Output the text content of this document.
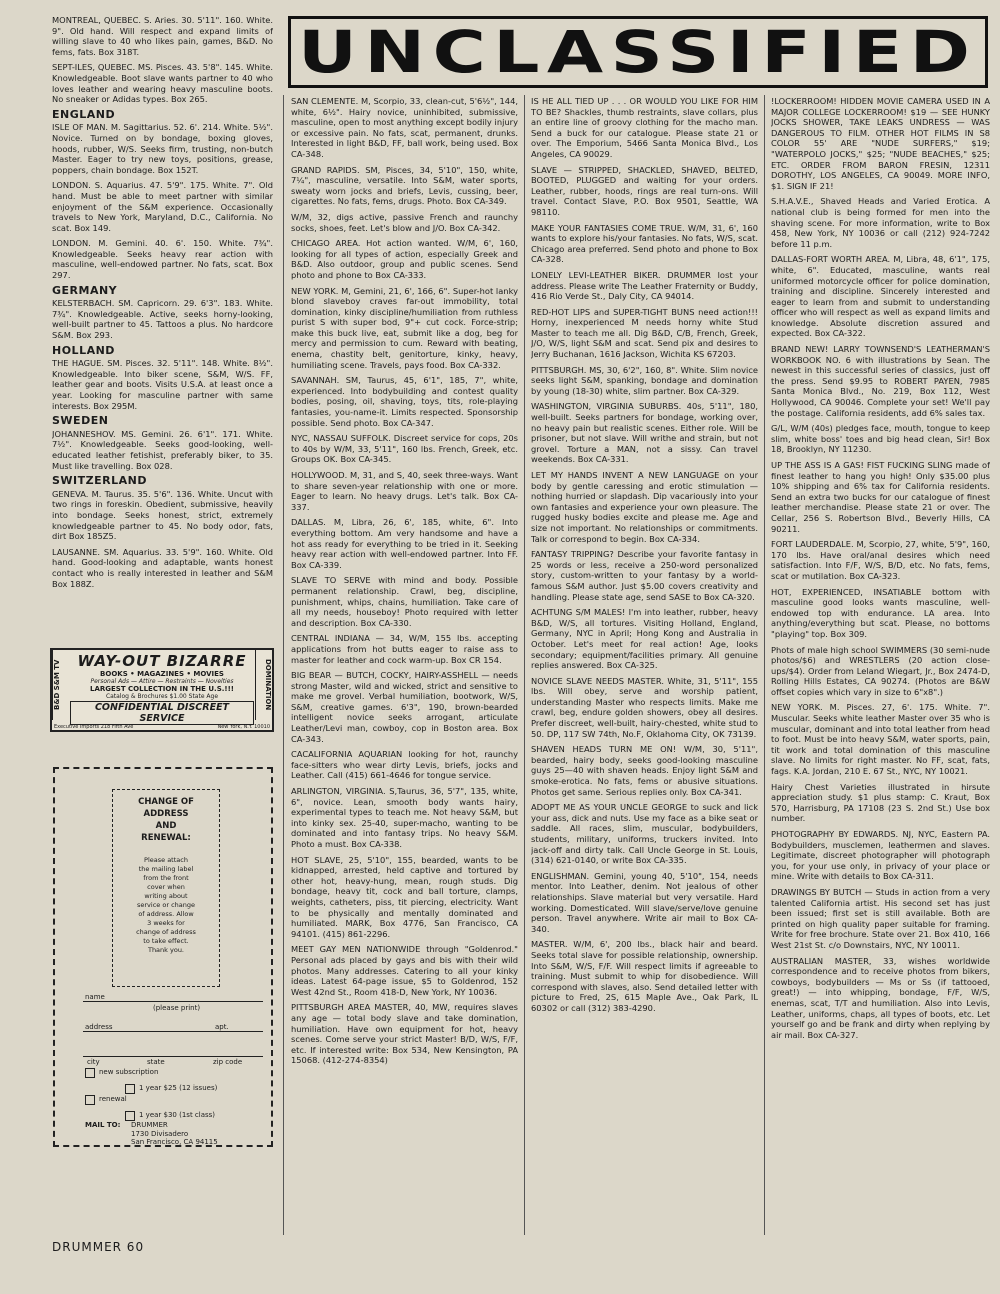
MONTREAL, QUEBEC. S. Aries. 30. 5'11". 160. White. 9". Old hand. Will respect and expand limits of willing slave to 40 who likes pain, games, B&D. No fems, fats. Box 318T.

SEPT-ILES, QUEBEC. MS. Pisces. 43. 5'8". 145. White. Knowledgeable. Boot slave wants partner to 40 who loves leather and wearing heavy masculine boots. No sneaker or Adidas types. Box 265.

ENGLAND

ISLE OF MAN. M. Sagittarius. 52. 6'. 214. White. 5½". Novice. Turned on by bondage, boxing gloves, hoods, rubber, W/S. Seeks firm, trusting, non-butch Master. Eager to try new toys, positions, grease, poppers, chain bondage. Box 152T.

LONDON. S. Aquarius. 47. 5'9". 175. White. 7". Old hand. Must be able to meet partner with similar enjoyment of the S&M experience. Occasionally travels to New York, Maryland, D.C., California. No scat. Box 149.

LONDON. M. Gemini. 40. 6'. 150. White. 7¾". Knowledgeable. Seeks heavy rear action with masculine, well-endowed partner. No fats, scat. Box 297.

GERMANY

KELSTERBACH. SM. Capricorn. 29. 6'3". 183. White. 7¾". Knowledgeable. Active, seeks horny-looking, well-built partner to 45. Tattoos a plus. No hardcore S&M. Box 293.

HOLLAND

THE HAGUE. SM. Pisces. 32. 5'11". 148. White. 8½". Knowledgeable. Into biker scene, S&M, W/S. FF, leather gear and boots. Visits U.S.A. at least once a year. Looking for masculine partner with same interests. Box 295M.

SWEDEN

JOHANNESHOV. MS. Gemini. 26. 6'1". 171. White. 7½". Knowledgeable. Seeks good-looking, well-educated leather fetishist, preferably biker, to 35. Must like travelling. Box 028.

SWITZERLAND

GENEVA. M. Taurus. 35. 5'6". 136. White. Uncut with two rings in foreskin. Obedient, submissive, heavily into bondage. Seeks honest, strict, extremely knowledgeable partner to 45. No body odor, fats, dirt Box 185Z5.

LAUSANNE. SM. Aquarius. 33. 5'9". 160. White. Old hand. Good-looking and adaptable, wants honest contact who is really interested in leather and S&M Box 188Z.

B&D S&M TV	DOMINATION
WAY-OUT BIZARRE
BOOKS • MAGAZINES • MOVIES
Personal Ads — Attire — Restraints — Novelties
LARGEST COLLECTION IN THE U.S.!!!
Catalog & Brochures $1.00 State Age
CONFIDENTIAL DISCREET SERVICE
Executive Imports 218 Fifth Ave	New York, N.Y. 10010
CHANGE OF
ADDRESS
AND
RENEWAL:
Please attach
the mailing label
from the front
cover when
writing about
service or change
of address. Allow
3 weeks for
change of address
to take effect.
Thank you.
name
(please print)
address	apt.
city	state	zip code
new subscription
1 year $25 (12 issues)
renewal
1 year $30 (1st class)
MAIL TO: DRUMMER
1730 Divisadero
San Francisco, CA 94115
UNCLASSIFIED

SAN CLEMENTE. M, Scorpio, 33, clean-cut, 5'6½", 144, white, 6½". Hairy novice, uninhibited, submissive, masculine, open to most anything except bodily injury or excessive pain. No fats, scat, permanent, drunks. Interested in light B&D, FF, ball work, being used. Box CA-348.

GRAND RAPIDS. SM, Pisces, 34, 5'10", 150, white, 7¼", masculine, versatile. Into S&M, water sports, sweaty worn jocks and briefs, Levis, cussing, beer, cigarettes. No fats, fems, drugs. Photo. Box CA-349.

W/M, 32, digs active, passive French and raunchy socks, shoes, feet. Let's blow and J/O. Box CA-342.

CHICAGO AREA. Hot action wanted. W/M, 6', 160, looking for all types of action, especially Greek and B&D. Also outdoor, group and public scenes. Send photo and phone to Box CA-333.

NEW YORK. M, Gemini, 21, 6', 166, 6". Super-hot lanky blond slaveboy craves far-out immobility, total domination, kinky discipline/humiliation from ruthless purist S with super bod, 9"+ cut cock. Force-strip; make this buck live, eat, submit like a dog, beg for mercy and permission to cum. Reward with beating, enema, chastity belt, genitorture, kinky, heavy, humiliating scene. Travels, pays food. Box CA-332.

SAVANNAH. SM, Taurus, 45, 6'1", 185, 7", white, experienced. Into bodybuilding and contest quality bodies, posing, oil, shaving, toys, tits, role-playing fantasies, you-name-it. Limits respected. Sponsorship possible. Send photo. Box CA-347.

NYC, NASSAU SUFFOLK. Discreet service for cops, 20s to 40s by W/M, 33, 5'11", 160 lbs. French, Greek, etc. Groups OK. Box CA-345.

HOLLYWOOD. M, 31, and S, 40, seek three-ways. Want to share seven-year relationship with one or more. Eager to learn. No heavy drugs. Let's talk. Box CA-337.

DALLAS. M, Libra, 26, 6', 185, white, 6". Into everything bottom. Am very handsome and have a hot ass ready for everything to be tried in it. Seeking heavy rear action with well-endowed partner. Into FF. Box CA-339.

SLAVE TO SERVE with mind and body. Possible permanent relationship. Crawl, beg, discipline, punishment, whips, chains, humiliation. Take care of all my needs, houseboy! Photo required with letter and description. Box CA-330.

CENTRAL INDIANA — 34, W/M, 155 lbs. accepting applications from hot butts eager to raise ass to master for leather and cock warm-up. Box CR 154.

BIG BEAR — BUTCH, COCKY, HAIRY-ASSHELL — needs strong Master, wild and wicked, strict and sensitive to make me grovel. Verbal humiliation, bootwork, W/S, S&M, creative games. 6'3", 190, brown-bearded intelligent novice seeks arrogant, articulate Leather/Levi man, cowboy, cop in Boston area. Box CA-343.

CACALIFORNIA AQUARIAN looking for hot, raunchy face-sitters who wear dirty Levis, briefs, jocks and Leather. Call (415) 661-4646 for tongue service.

ARLINGTON, VIRGINIA. S,Taurus, 36, 5'7", 135, white, 6", novice. Lean, smooth body wants hairy, experimental types to teach me. Not heavy S&M, but into kinky sex. 25-40, super-macho, wanting to be dominated and into fantasy trips. No heavy S&M. Photo a must. Box CA-338.

HOT SLAVE, 25, 5'10", 155, bearded, wants to be kidnapped, arrested, held captive and tortured by other hot, heavy-hung, mean, rough studs. Dig bondage, heavy tit, cock and ball torture, clamps, weights, catheters, piss, tit piercing, electricity. Want to be physically and mentally dominated and humiliated. MARK, Box 4776, San Francisco, CA 94101. (415) 861-2296.

MEET GAY MEN NATIONWIDE through "Goldenrod." Personal ads placed by gays and bis with their wild photos. Many addresses. Catering to all your kinky ideas. Latest 64-page issue, $5 to Goldenrod, 152 West 42nd St., Room 418-D, New York, NY 10036.

PITTSBURGH AREA MASTER, 40, MW, requires slaves any age — total body slave and take domination, humiliation. Have own equipment for hot, heavy scenes. Come serve your strict Master! B/D, W/S, F/F, etc. If interested write: Box 534, New Kensington, PA 15068. (412-274-8354)

IS HE ALL TIED UP . . . OR WOULD YOU LIKE FOR HIM TO BE? Shackles, thumb restraints, slave collars, plus an entire line of groovy clothing for the macho man. Send a buck for our catalogue. Please state 21 or over. The Emporium, 5466 Santa Monica Blvd., Los Angeles, CA 90029.

SLAVE — STRIPPED, SHACKLED, SHAVED, BELTED, BOOTED, PLUGGED and waiting for your orders. Leather, rubber, hoods, rings are real turn-ons. Will travel. Contact Slave, P.O. Box 9501, Seattle, WA 98110.

MAKE YOUR FANTASIES COME TRUE. W/M, 31, 6', 160 wants to explore his/your fantasies. No fats, W/S, scat. Chicago area preferred. Send photo and phone to Box CA-328.

LONELY LEVI-LEATHER BIKER. DRUMMER lost your address. Please write The Leather Fraternity or Buddy, 416 Rio Verde St., Daly City, CA 94014.

RED-HOT LIPS and SUPER-TIGHT BUNS need action!!! Horny, inexperienced M needs horny white Stud Master to teach me all. Dig B&D, C/B, French, Greek, J/O, W/S, light S&M and scat. Send pix and desires to Jerry Buchanan, 1616 Jackson, Wichita KS 67203.

PITTSBURGH. MS, 30, 6'2", 160, 8". White. Slim novice seeks light S&M, spanking, bondage and domination by young (18-30) white, slim partner. Box CA-329.

WASHINGTON, VIRGINIA SUBURBS. 40s, 5'11", 180, well-built. Seeks partners for bondage, working over, no heavy pain but realistic scenes. Either role. Will be prisoner, but not slave. Will writhe and strain, but not grovel. Torture a MAN, not a sissy. Can travel weekends. Box CA-331.

LET MY HANDS INVENT A NEW LANGUAGE on your body by gentle caressing and erotic stimulation — nothing hurried or slapdash. Dip vacariously into your own fantasies and experience your own pleasure. The rugged husky bodies excite and please me. Age and size not important. No relationships or commitments. Talk or correspond to begin. Box CA-334.

FANTASY TRIPPING? Describe your favorite fantasy in 25 words or less, receive a 250-word personalized story, custom-written to your fantasy by a world-famous S&M author. Just $5.00 covers creativity and handling. Please state age, send SASE to Box CA-320.

ACHTUNG S/M MALES! I'm into leather, rubber, heavy B&D, W/S, all tortures. Visiting Holland, England, Germany, NYC in April; Hong Kong and Australia in October. Let's meet for real action! Age, looks secondary; equipment/facilities primary. All genuine replies answered. Box CA-325.

NOVICE SLAVE NEEDS MASTER. White, 31, 5'11", 155 lbs. Will obey, serve and worship patient, understanding Master who respects limits. Make me crawl, beg, endure golden showers, obey all desires. Prefer discreet, well-built, hairy-chested, white stud to 50. DP, 117 SW 74th, No.F, Oklahoma City, OK 73139.

SHAVEN HEADS TURN ME ON! W/M, 30, 5'11", bearded, hairy body, seeks good-looking masculine guys 25—40 with shaven heads. Enjoy light S&M and smoke-erotica. No fats, fems or abusive situations. Photos get same. Serious replies only. Box CA-341.

ADOPT ME AS YOUR UNCLE GEORGE to suck and lick your ass, dick and nuts. Use my face as a bike seat or saddle. All races, slim, muscular, bodybuilders, students, military, uniforms, truckers invited. Into jack-off and dirty talk. Call Uncle George in St. Louis, (314) 621-0140, or write Box CA-335.

ENGLISHMAN. Gemini, young 40, 5'10", 154, needs mentor. Into Leather, denim. Not jealous of other relationships. Slave material but very versatile. Hard working. Domesticated. Will slave/serve/love genuine person. Travel anywhere. Write air mail to Box CA-340.

MASTER. W/M, 6', 200 lbs., black hair and beard. Seeks total slave for possible relationship, ownership. Into S&M, W/S, F/F. Will respect limits if agreeable to training. Must submit to whip for disobedience. Will correspond with slaves, also. Send detailed letter with picture to Fred, 2S, 615 Maple Ave., Oak Park, IL 60302 or call (312) 383-4290.

!LOCKERROOM! HIDDEN MOVIE CAMERA USED IN A MAJOR COLLEGE LOCKERROOM! $19 — SEE HUNKY JOCKS SHOWER, TAKE LEAKS UNDRESS — WAS DANGEROUS TO FILM. OTHER HOT FILMS IN S8 COLOR 55' ARE "NUDE SURFERS," $19; "WATERPOLO JOCKS," $25; "NUDE BEACHES," $25; ETC. ORDER FROM BARON FRESIN, 12311 DOROTHY, LOS ANGELES, CA 90049. MORE INFO, $1. SIGN IF 21!

S.H.A.V.E., Shaved Heads and Varied Erotica. A national club is being formed for men into the shaving scene. For more information, write to Box 458, New York, NY 10036 or call (212) 924-7242 before 11 p.m.

DALLAS-FORT WORTH AREA. M, Libra, 48, 6'1", 175, white, 6". Educated, masculine, wants real uniformed motorcycle officer for police domination, training and discipline. Sincerely interested and eager to learn from and submit to understanding officer who will respect as well as expand limits and knowledge. Absolute discretion assured and expected. Box CA-322.

BRAND NEW! LARRY TOWNSEND'S LEATHERMAN'S WORKBOOK NO. 6 with illustrations by Sean. The newest in this successful series of classics, just off the press. Send $9.95 to ROBERT PAYEN, 7985 Santa Monica Blvd., No. 219, Box 112, West Hollywood, CA 90046. Complete your set! We'll pay the postage. California residents, add 6% sales tax.

G/L, W/M (40s) pledges face, mouth, tongue to keep slim, white boss' toes and big head clean, Sir! Box 18, Brooklyn, NY 11230.

UP THE ASS IS A GAS! FIST FUCKING SLING made of finest leather to hang you high! Only $35.00 plus 10% shipping and 6% tax for California residents. Send an extra two bucks for our catalogue of finest leather merchandise. Please state 21 or over. The Cellar, 256 S. Robertson Blvd., Beverly Hills, CA 90211.

FORT LAUDERDALE. M, Scorpio, 27, white, 5'9", 160, 170 lbs. Have oral/anal desires which need satisfaction. Into F/F, W/S, B/D, etc. No fats, fems, scat or mutilation. Box CA-323.

HOT, EXPERIENCED, INSATIABLE bottom with masculine good looks wants masculine, well-endowed top with endurance. LA area. Into anything/everything but scat. Please, no bottoms "playing" top. Box 309.

Phots of male high school SWIMMERS (30 semi-nude photos/$6) and WRESTLERS (20 action close-ups/$4). Order from Leland Wiegart, Jr., Box 2474-D, Rolling Hills Estates, CA 90274. (Photos are B&W offset copies which vary in size to 6"x8".)

NEW YORK. M. Pisces. 27, 6'. 175. White. 7". Muscular. Seeks white leather Master over 35 who is muscular, dominant and into total leather from head to foot. Must be into heavy S&M, water sports, pain, tit work and total domination of this masculine slave. No limits for right master. No FF, scat, fats, fags. K.A. Jordan, 210 E. 67 St., NYC, NY 10021.

Hairy Chest Varieties illustrated in hirsute appreciation study. $1 plus stamp: C. Kraut, Box 570, Harrisburg, PA 17108 (23 S. 2nd St.) Use box number.

PHOTOGRAPHY BY EDWARDS. NJ, NYC, Eastern PA. Bodybuilders, musclemen, leathermen and slaves. Legitimate, discreet photographer will photograph you, for your use only, in privacy of your place or mine. Write with details to Box CA-311.

DRAWINGS BY BUTCH — Studs in action from a very talented California artist. His second set has just been issued; first set is still available. Both are printed on high quality paper suitable for framing. Write for free brochure. State over 21. Box 410, 166 West 21st St. c/o Downstairs, NYC, NY 10011.

AUSTRALIAN MASTER, 33, wishes worldwide correspondence and to receive photos from bikers, cowboys, bodybuilders — Ms or Ss (if tattooed, great!) — into whipping, bondage, F/F, W/S, enemas, scat, T/T and humiliation. Also into Levis, Leather, uniforms, chaps, all types of boots, etc. Let yourself go and be frank and dirty when replying by air mail. Box CA-327.

DRUMMER 60
